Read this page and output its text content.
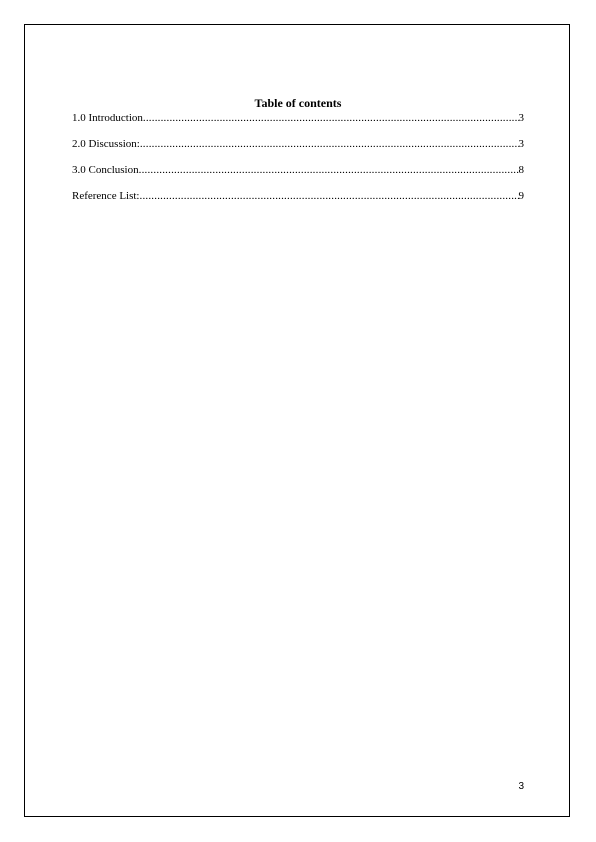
Table of contents
1.0 Introduction .....	3
2.0 Discussion: .....	3
3.0 Conclusion .....	8
Reference List: .....	9
3
